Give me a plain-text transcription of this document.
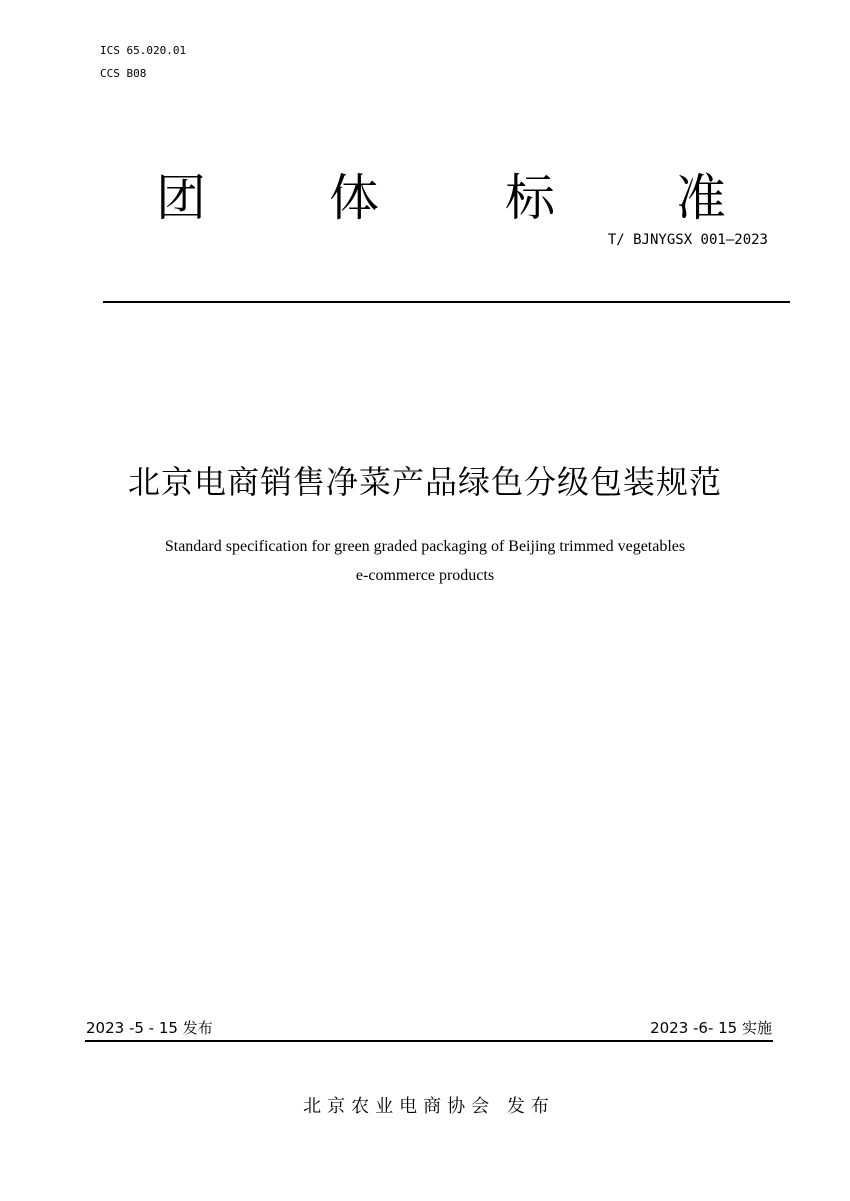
ICS 65.020.01
CCS B08
团 体	标 准
T/ BJNYGSX 001—2023
北京电商销售净菜产品绿色分级包装规范
Standard specification for green graded packaging of Beijing trimmed vegetables
e-commerce products
2023 -5 - 15 发布	2023 -6- 15 实施
北京农业电商协会 发布
